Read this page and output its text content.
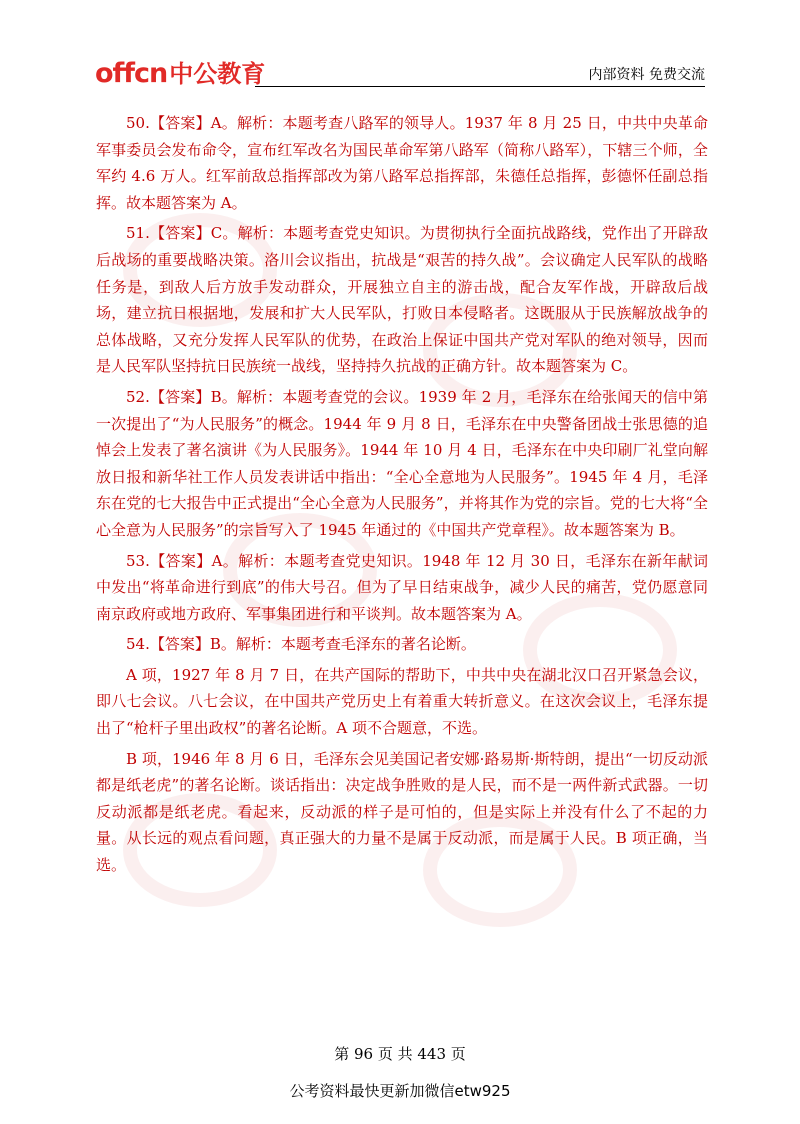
offcn 中公教育	内部资料 免费交流

50.【答案】A。解析：本题考查八路军的领导人。1937 年 8 月 25 日，中共中央革命军事委员会发布命令，宣布红军改名为国民革命军第八路军（简称八路军），下辖三个师，全军约 4.6 万人。红军前敌总指挥部改为第八路军总指挥部，朱德任总指挥，彭德怀任副总指挥。故本题答案为 A。

51.【答案】C。解析：本题考查党史知识。为贯彻执行全面抗战路线，党作出了开辟敌后战场的重要战略决策。洛川会议指出，抗战是“艰苦的持久战”。会议确定人民军队的战略任务是，到敌人后方放手发动群众，开展独立自主的游击战，配合友军作战，开辟敌后战场，建立抗日根据地，发展和扩大人民军队，打败日本侵略者。这既服从于民族解放战争的总体战略，又充分发挥人民军队的优势，在政治上保证中国共产党对军队的绝对领导，因而是人民军队坚持抗日民族统一战线，坚持持久抗战的正确方针。故本题答案为 C。

52.【答案】B。解析：本题考查党的会议。1939 年 2 月，毛泽东在给张闻天的信中第一次提出了“为人民服务”的概念。1944 年 9 月 8 日，毛泽东在中央警备团战士张思德的追悼会上发表了著名演讲《为人民服务》。1944 年 10 月 4 日，毛泽东在中央印刷厂礼堂向解放日报和新华社工作人员发表讲话中指出：“全心全意地为人民服务”。1945 年 4 月，毛泽东在党的七大报告中正式提出“全心全意为人民服务”，并将其作为党的宗旨。党的七大将“全心全意为人民服务”的宗旨写入了 1945 年通过的《中国共产党章程》。故本题答案为 B。

53.【答案】A。解析：本题考查党史知识。1948 年 12 月 30 日，毛泽东在新年献词中发出“将革命进行到底”的伟大号召。但为了早日结束战争，减少人民的痛苦，党仍愿意同南京政府或地方政府、军事集团进行和平谈判。故本题答案为 A。

54.【答案】B。解析：本题考查毛泽东的著名论断。

A 项，1927 年 8 月 7 日，在共产国际的帮助下，中共中央在湖北汉口召开紧急会议，即八七会议。八七会议，在中国共产党历史上有着重大转折意义。在这次会议上，毛泽东提出了“枪杆子里出政权”的著名论断。A 项不合题意，不选。

B 项，1946 年 8 月 6 日，毛泽东会见美国记者安娜·路易斯·斯特朗，提出“一切反动派都是纸老虎”的著名论断。谈话指出：决定战争胜败的是人民，而不是一两件新式武器。一切反动派都是纸老虎。看起来，反动派的样子是可怕的，但是实际上并没有什么了不起的力量。从长远的观点看问题，真正强大的力量不是属于反动派，而是属于人民。B 项正确，当选。

第 96 页 共 443 页
公考资料最快更新加微信etw925
